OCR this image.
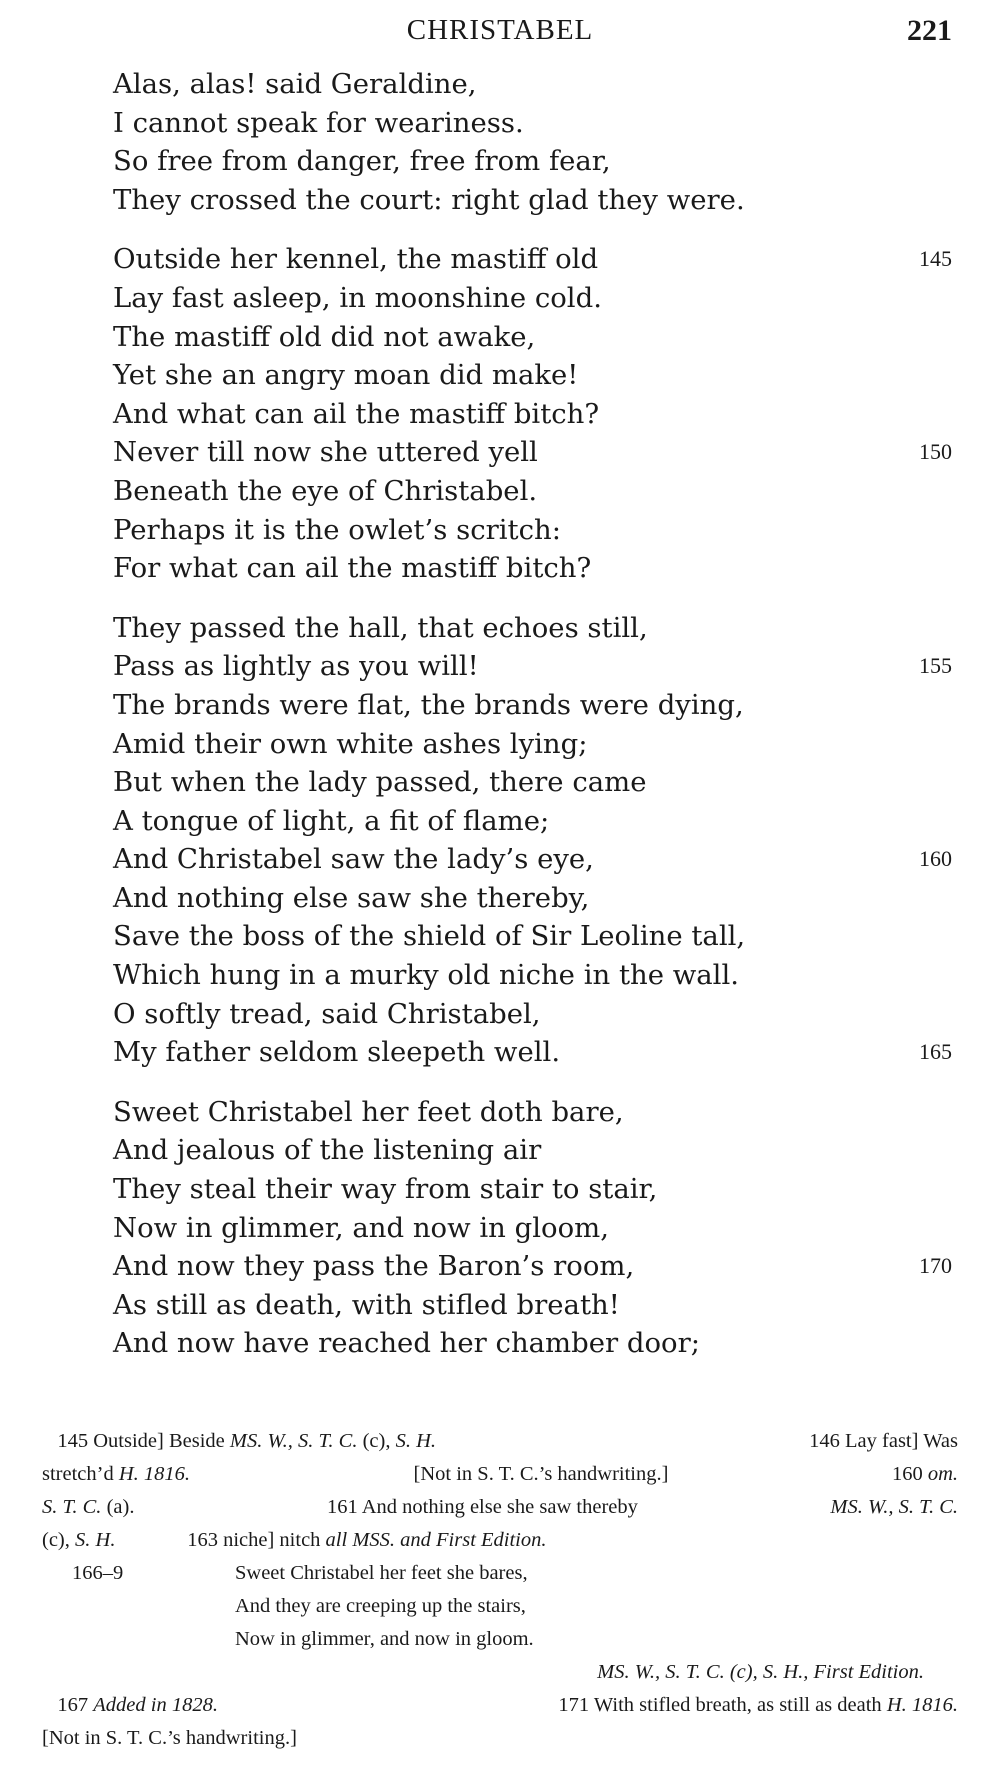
CHRISTABEL	221
Alas, alas! said Geraldine,
I cannot speak for weariness.
So free from danger, free from fear,
They crossed the court: right glad they were.
Outside her kennel, the mastiff old	145
Lay fast asleep, in moonshine cold.
The mastiff old did not awake,
Yet she an angry moan did make!
And what can ail the mastiff bitch?
Never till now she uttered yell	150
Beneath the eye of Christabel.
Perhaps it is the owlet’s scritch:
For what can ail the mastiff bitch?
They passed the hall, that echoes still,
Pass as lightly as you will!	155
The brands were flat, the brands were dying,
Amid their own white ashes lying;
But when the lady passed, there came
A tongue of light, a fit of flame;
And Christabel saw the lady’s eye,	160
And nothing else saw she thereby,
Save the boss of the shield of Sir Leoline tall,
Which hung in a murky old niche in the wall.
O softly tread, said Christabel,
My father seldom sleepeth well.	165
Sweet Christabel her feet doth bare,
And jealous of the listening air
They steal their way from stair to stair,
Now in glimmer, and now in gloom,
And now they pass the Baron’s room,	170
As still as death, with stifled breath!
And now have reached her chamber door;
145 Outside] Beside MS. W., S. T. C. (c), S. H.	146 Lay fast] Was
stretch’d H. 1816.	[Not in S. T. C.’s handwriting.]	160 om.
S. T. C. (a).	161 And nothing else she saw thereby	MS. W., S. T. C.
(c), S. H.	163 niche] nitch all MSS. and First Edition.
166–9	Sweet Christabel her feet she bares,
And they are creeping up the stairs,
Now in glimmer, and now in gloom.
MS. W., S. T. C. (c), S. H., First Edition.
167 Added in 1828.	171 With stifled breath, as still as death H. 1816.
[Not in S. T. C.’s handwriting.]
